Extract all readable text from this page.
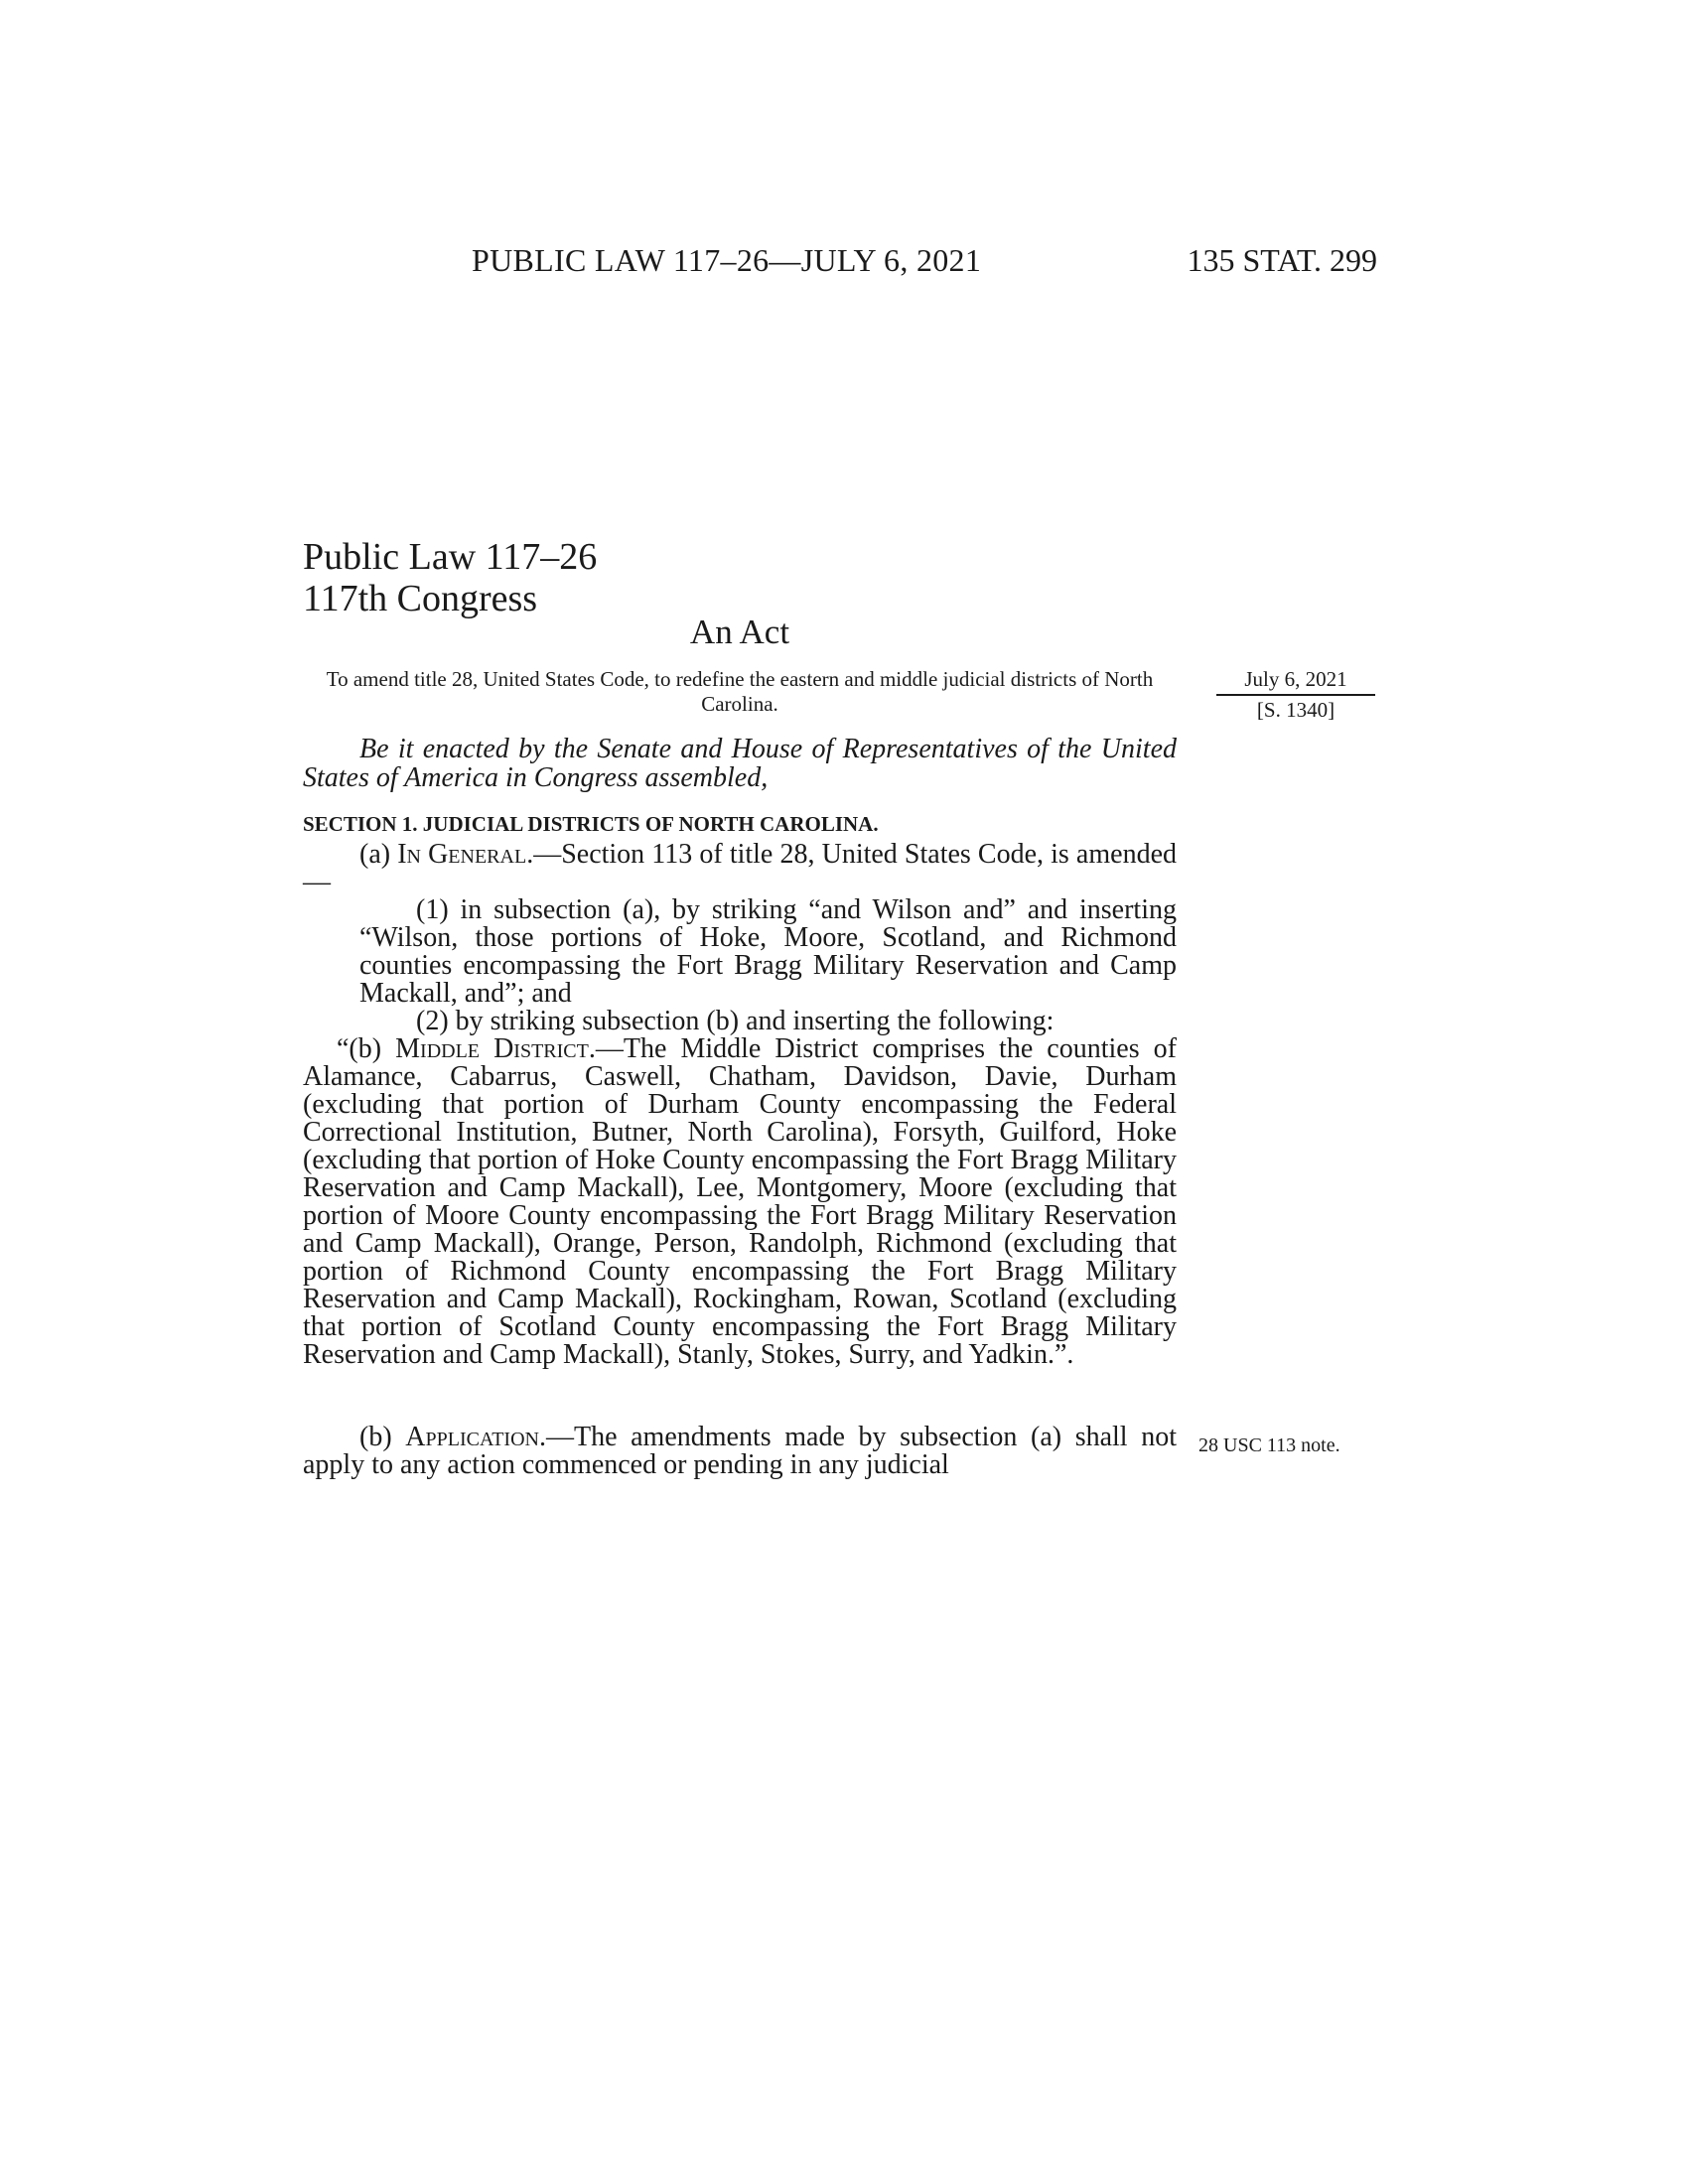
PUBLIC LAW 117–26—JULY 6, 2021	135 STAT. 299
Public Law 117–26
117th Congress
An Act
To amend title 28, United States Code, to redefine the eastern and middle judicial districts of North Carolina.
July 6, 2021
[S. 1340]
Be it enacted by the Senate and House of Representatives of the United States of America in Congress assembled,
SECTION 1. JUDICIAL DISTRICTS OF NORTH CAROLINA.
(a) In General.—Section 113 of title 28, United States Code, is amended—
(1) in subsection (a), by striking “and Wilson and” and inserting “Wilson, those portions of Hoke, Moore, Scotland, and Richmond counties encompassing the Fort Bragg Military Reservation and Camp Mackall, and”; and
(2) by striking subsection (b) and inserting the following:
“(b) Middle District.—The Middle District comprises the counties of Alamance, Cabarrus, Caswell, Chatham, Davidson, Davie, Durham (excluding that portion of Durham County encompassing the Federal Correctional Institution, Butner, North Carolina), Forsyth, Guilford, Hoke (excluding that portion of Hoke County encompassing the Fort Bragg Military Reservation and Camp Mackall), Lee, Montgomery, Moore (excluding that portion of Moore County encompassing the Fort Bragg Military Reservation and Camp Mackall), Orange, Person, Randolph, Richmond (excluding that portion of Richmond County encompassing the Fort Bragg Military Reservation and Camp Mackall), Rockingham, Rowan, Scotland (excluding that portion of Scotland County encompassing the Fort Bragg Military Reservation and Camp Mackall), Stanly, Stokes, Surry, and Yadkin.”.
(b) Application.—The amendments made by subsection (a) shall not apply to any action commenced or pending in any judicial
28 USC 113 note.
